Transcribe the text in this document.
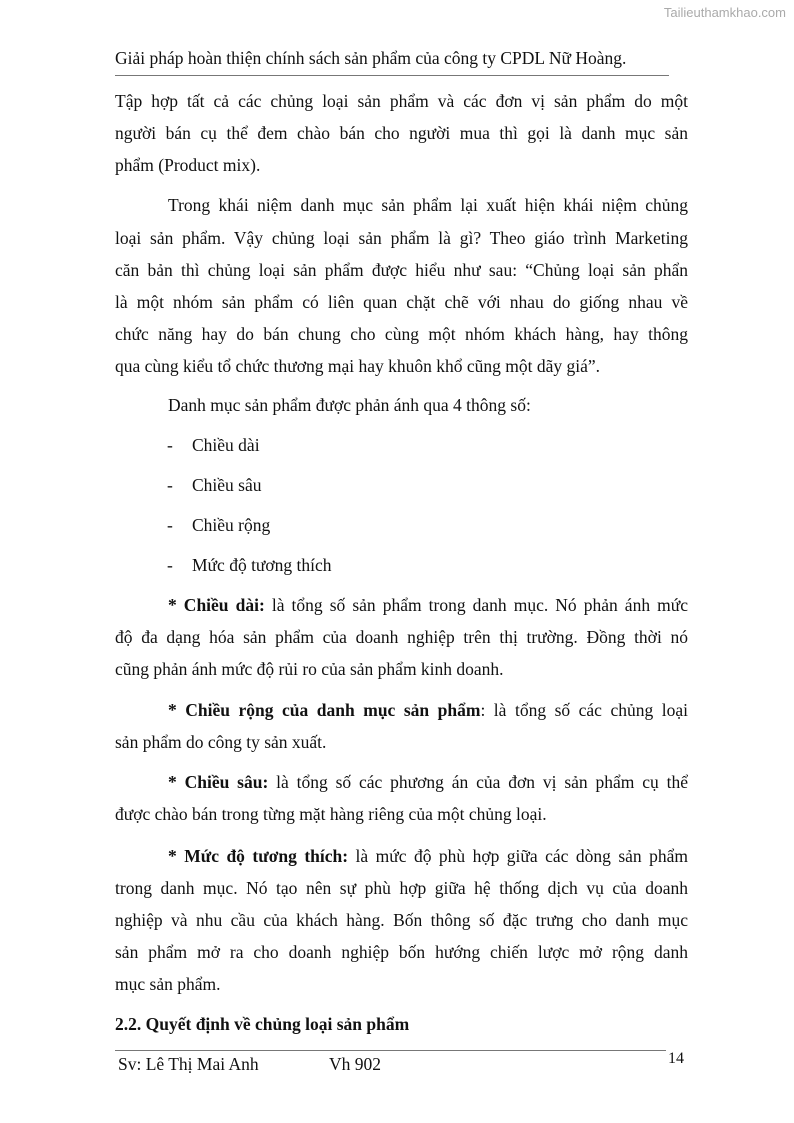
Tailieuthamkhao.com
Giải pháp hoàn thiện chính sách sản phẩm của công ty CPDL Nữ Hoàng.
Tập hợp tất cả các chủng loại sản phẩm và các đơn vị sản phẩm do một
người bán cụ thể đem chào bán cho người mua thì gọi là danh mục sản
phẩm (Product mix).
Trong khái niệm danh mục sản phẩm lại xuất hiện khái niệm chủng
loại sản phẩm. Vậy chủng loại sản phẩm là gì? Theo giáo trình Marketing
căn bản thì chủng loại sản phẩm được hiểu như sau: “Chủng loại sản phẩn
là một nhóm sản phẩm có liên quan chặt chẽ với nhau do giống nhau về
chức năng hay do bán chung cho cùng một nhóm khách hàng, hay thông
qua cùng kiểu tổ chức thương mại hay khuôn khổ cũng một dãy giá”.
Danh mục sản phẩm được phản ánh qua 4 thông số:
- Chiều dài
- Chiều sâu
- Chiều rộng
- Mức độ tương thích
* Chiều dài: là tổng số sản phẩm trong danh mục. Nó phản ánh mức
độ đa dạng hóa sản phẩm của doanh nghiệp trên thị trường. Đồng thời nó
cũng phản ánh mức độ rủi ro của sản phẩm kinh doanh.
* Chiều rộng của danh mục sản phẩm: là tổng số các chủng loại
sản phẩm do công ty sản xuất.
* Chiều sâu: là tổng số các phương án của đơn vị sản phẩm cụ thể
được chào bán trong từng mặt hàng riêng của một chủng loại.
* Mức độ tương thích: là mức độ phù hợp giữa các dòng sản phẩm
trong danh mục. Nó tạo nên sự phù hợp giữa hệ thống dịch vụ của doanh
nghiệp và nhu cầu của khách hàng. Bốn thông số đặc trưng cho danh mục
sản phẩm mở ra cho doanh nghiệp bốn hướng chiến lược mở rộng danh
mục sản phẩm.
2.2. Quyết định về chủng loại sản phẩm
Sv: Lê Thị Mai Anh	Vh 902	14
